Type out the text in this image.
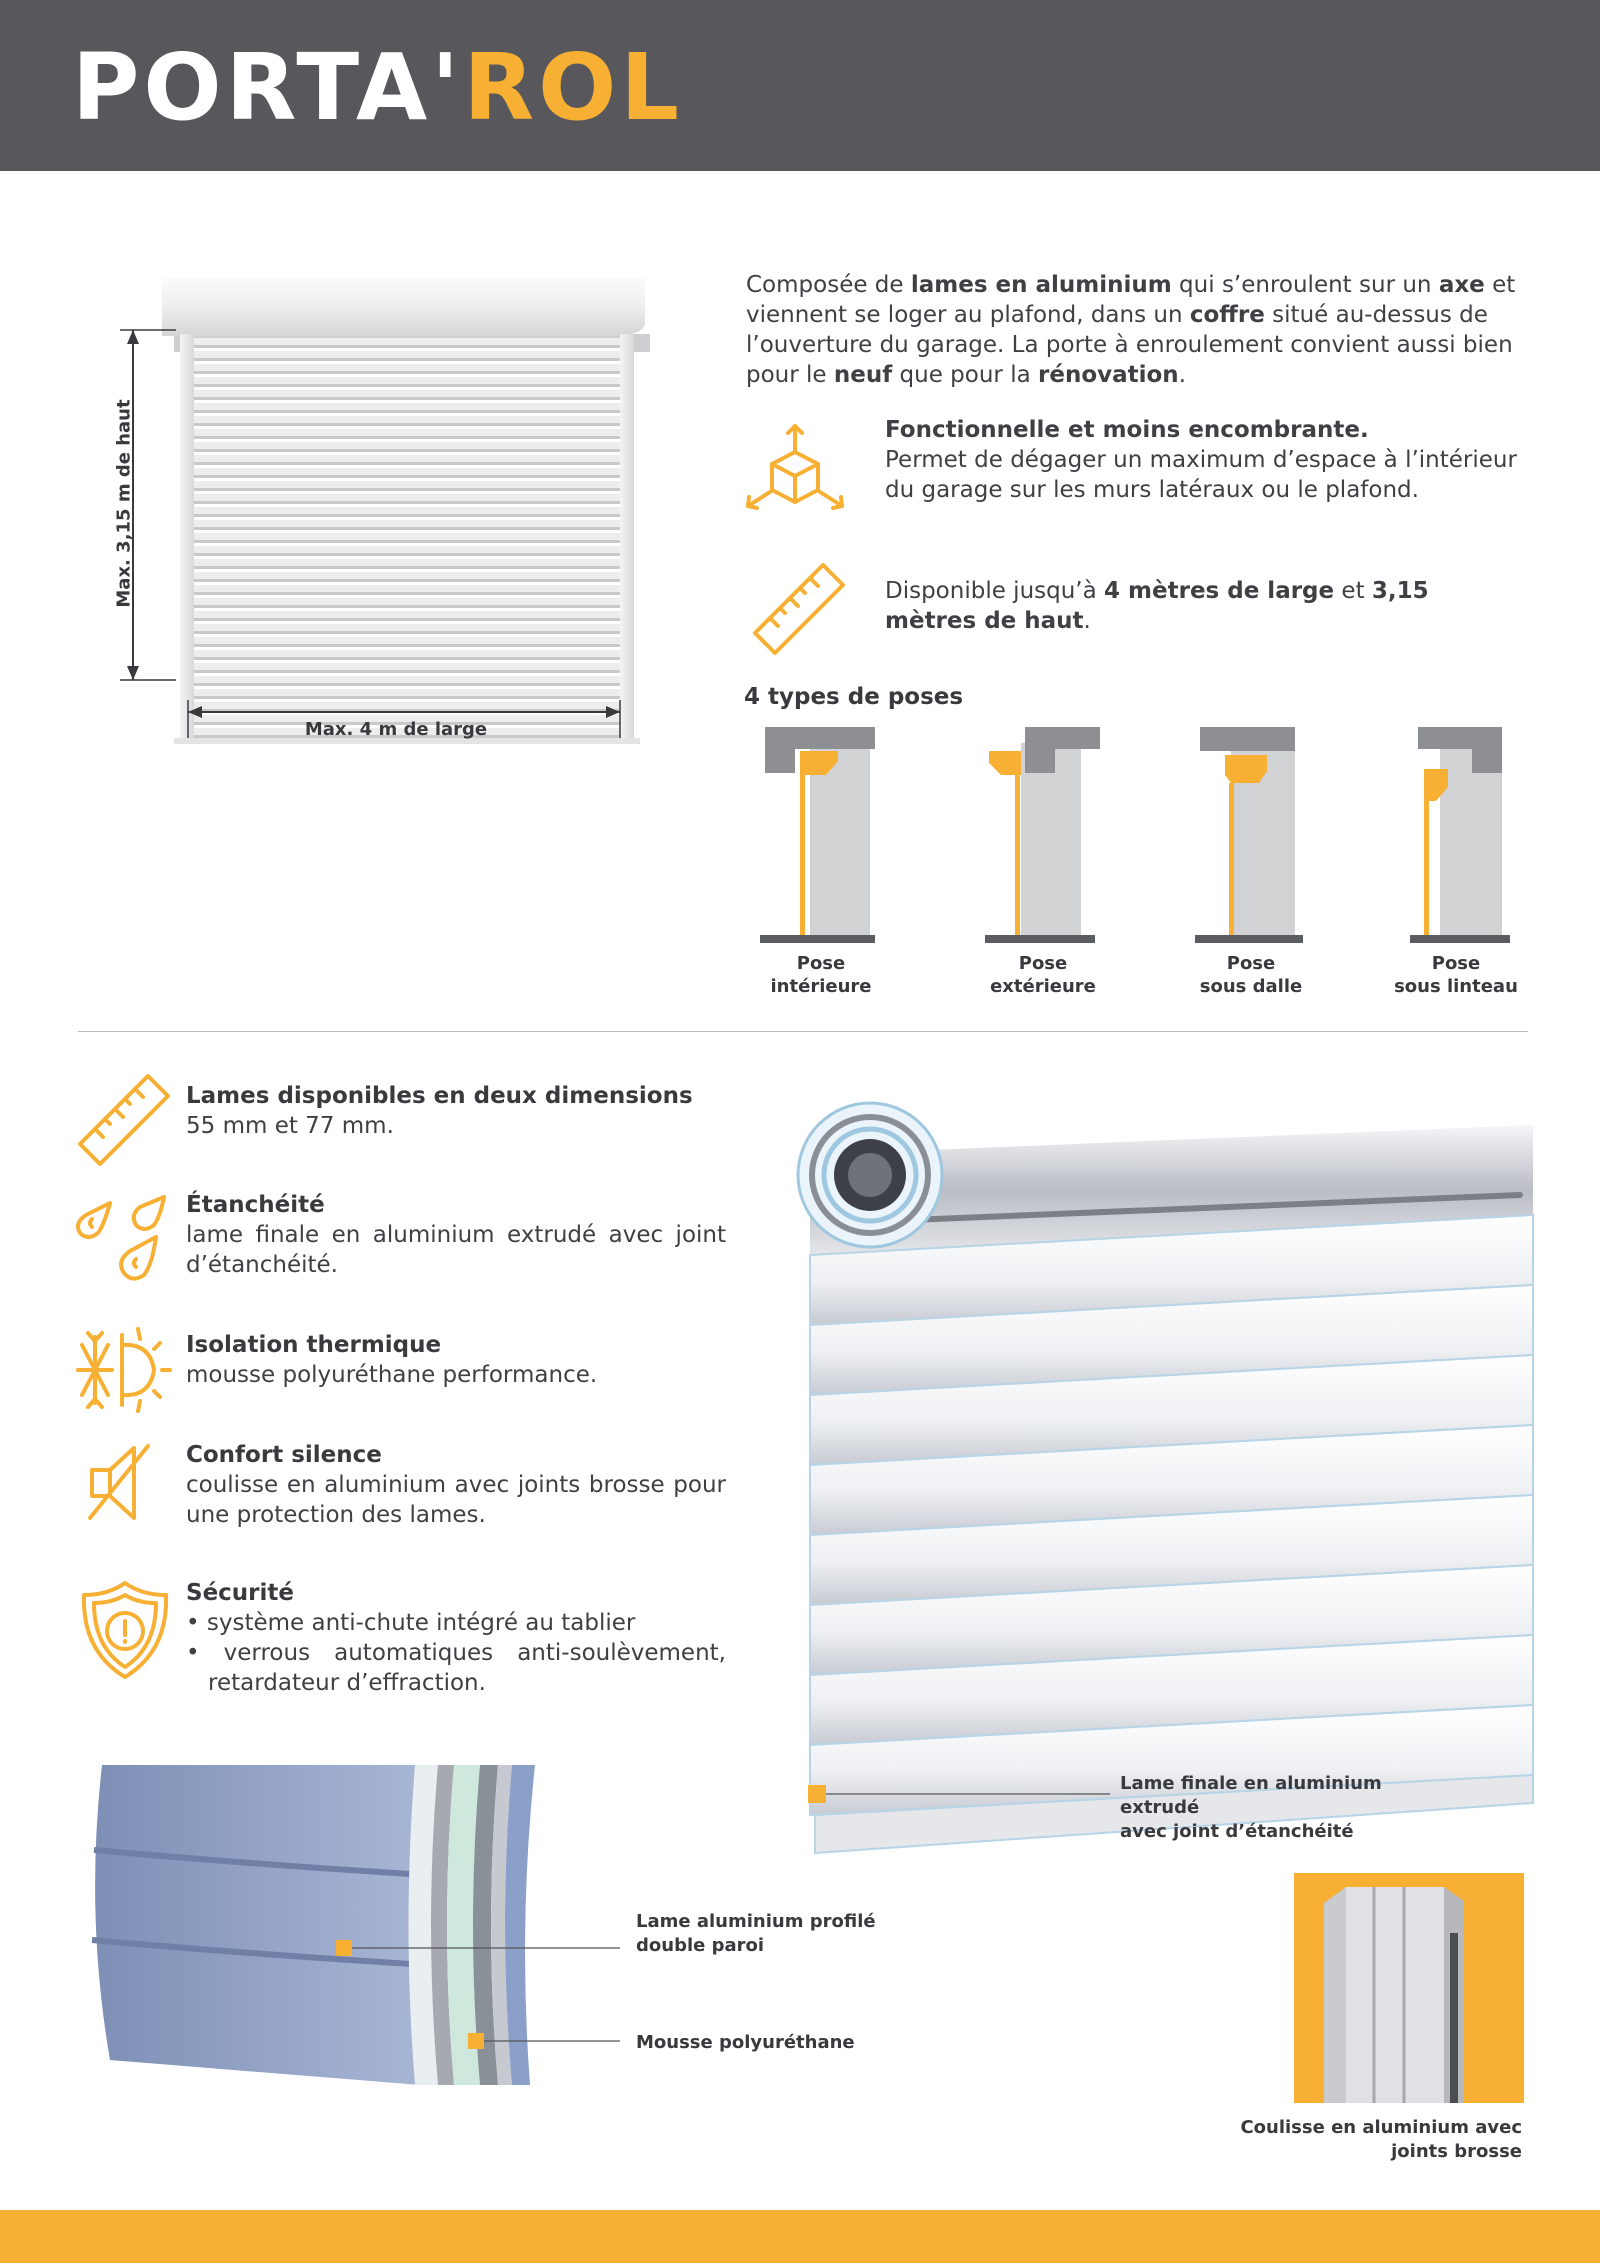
PORTA'ROL
Max. 3,15 m de haut
Max. 4 m de large
Composée de lames en aluminium qui s’enroulent sur un axe et viennent se loger au plafond, dans un coffre situé au-dessus de l’ouverture du garage. La porte à enroulement convient aussi bien pour le neuf que pour la rénovation.
Fonctionnelle et moins encombrante.
Permet de dégager un maximum d’espace à l’intérieur du garage sur les murs latéraux ou le plafond.
Disponible jusqu’à 4 mètres de large et 3,15 mètres de haut.
4 types de poses
Pose
intérieure
Pose
extérieure
Pose
sous dalle
Pose
sous linteau
Lames disponibles en deux dimensions
55 mm et 77 mm.
Étanchéité
lame finale en aluminium extrudé avec joint d’étanchéité.
Isolation thermique
mousse polyuréthane performance.
Confort silence
coulisse en aluminium avec joints brosse pour une protection des lames.
Sécurité
• système anti-chute intégré au tablier
• verrous automatiques anti-soulèvement, retardateur d’effraction.
Lame finale en aluminium extrudé
avec joint d’étanchéité
Lame aluminium profilé
double paroi
Mousse polyuréthane
Coulisse en aluminium avec
joints brosse
